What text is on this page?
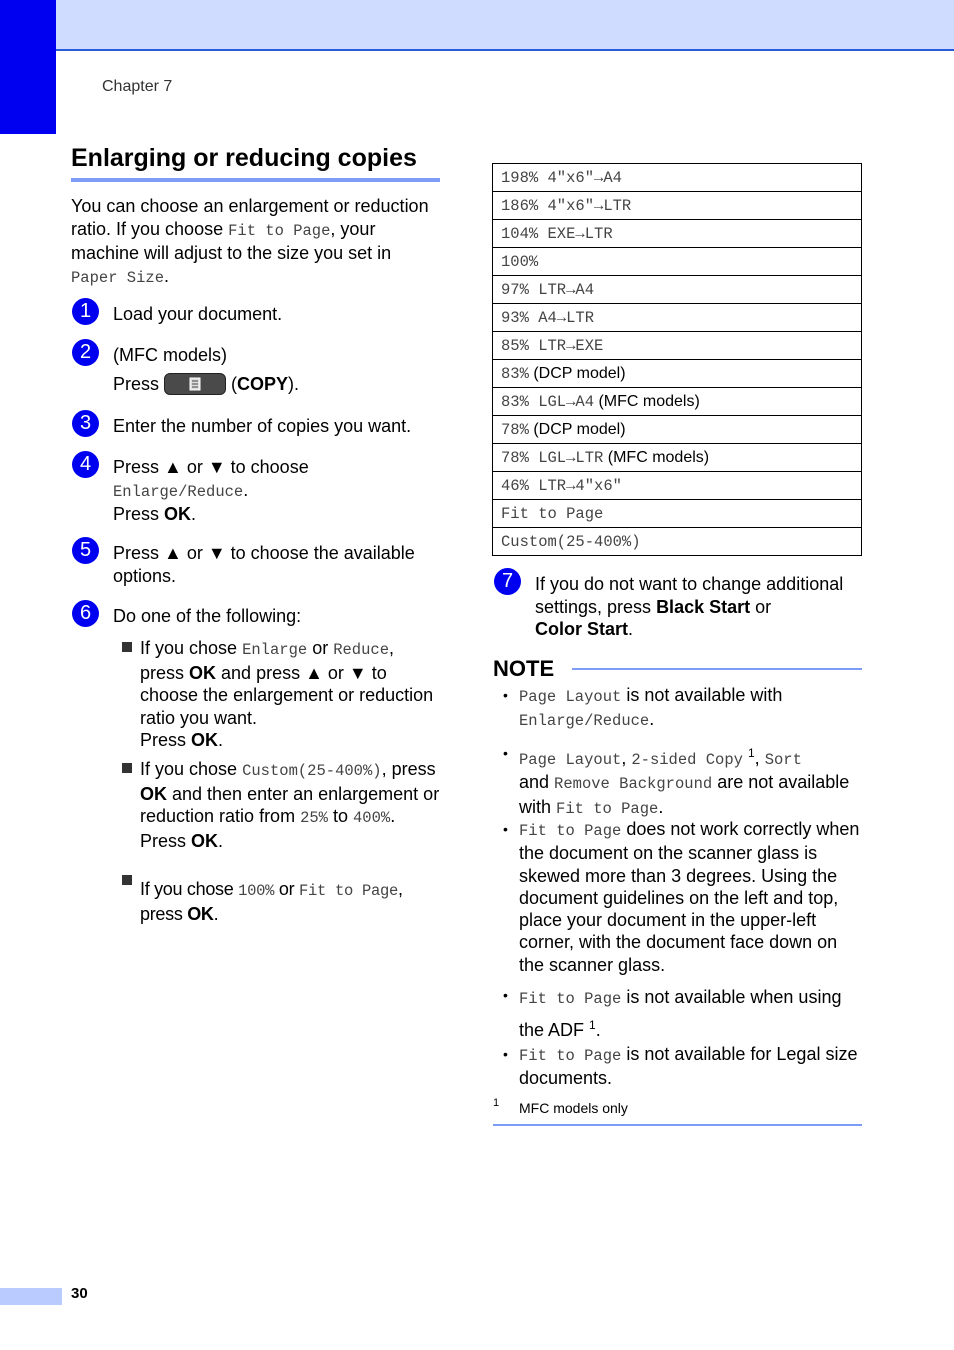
Chapter 7
Enlarging or reducing copies
You can choose an enlargement or reduction ratio. If you choose Fit to Page, your machine will adjust to the size you set in Paper Size.
1	Load your document.
2	(MFC models)
Press	(COPY).
3	Enter the number of copies you want.
4	Press ▲ or ▼ to choose
Enlarge/Reduce.
Press OK.
5	Press ▲ or ▼ to choose the available options.
6	Do one of the following:
If you chose Enlarge or Reduce, press OK and press ▲ or ▼ to choose the enlargement or reduction ratio you want.
Press OK.
If you chose Custom(25-400%), press OK and then enter an enlargement or reduction ratio from 25% to 400%.
Press OK.
If you chose 100% or Fit to Page, press OK.
198% 4"x6"→A4
186% 4"x6"→LTR
104% EXE→LTR
100%
97% LTR→A4
93% A4→LTR
85% LTR→EXE
83% (DCP model)
83% LGL→A4 (MFC models)
78% (DCP model)
78% LGL→LTR (MFC models)
46% LTR→4"x6"
Fit to Page
Custom(25-400%)
7	If you do not want to change additional settings, press Black Start or
Color Start.
NOTE
• Page Layout is not available with
Enlarge/Reduce.
• Page Layout, 2-sided Copy $^1$, Sort
and Remove Background are not available with Fit to Page.
• Fit to Page does not work correctly when the document on the scanner glass is skewed more than 3 degrees. Using the document guidelines on the left and top, place your document in the upper-left corner, with the document face down on the scanner glass.
• Fit to Page is not available when using the ADF $^1$.
• Fit to Page is not available for Legal size documents.
1 MFC models only
30
